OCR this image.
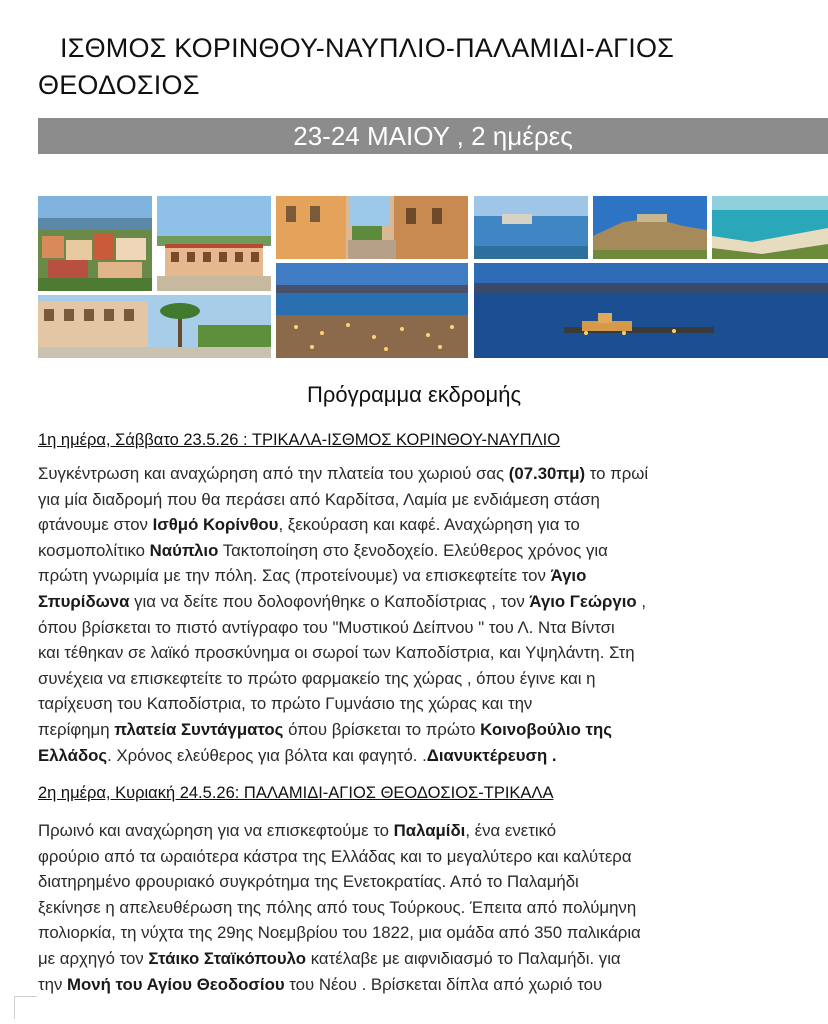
ΙΣΘΜΟΣ ΚΟΡΙΝΘΟΥ-ΝΑΥΠΛΙΟ-ΠΑΛΑΜΙΔΙ-ΑΓΙΟΣ
ΘΕΟΔΟΣΙΟΣ
23-24 ΜΑΙΟΥ , 2 ημέρες
Πρόγραμμα εκδρομής
1η ημέρα, Σάββατο 23.5.26 : ΤΡΙΚΑΛΑ-ΙΣΘΜΟΣ ΚΟΡΙΝΘΟΥ-ΝΑΥΠΛΙΟ
Συγκέντρωση και αναχώρηση από την πλατεία του χωριού σας (07.30πμ) το πρωί
για μία διαδρομή που θα περάσει από Καρδίτσα, Λαμία με ενδιάμεση στάση
φτάνουμε στον Ισθμό Κορίνθου, ξεκούραση και καφέ. Αναχώρηση για το
κοσμοπολίτικο Ναύπλιο Τακτοποίηση στο ξενοδοχείο. Ελεύθερος χρόνος για
πρώτη γνωριμία με την πόλη. Σας (προτείνουμε) να επισκεφτείτε τον Άγιο
Σπυρίδωνα για να δείτε που δολοφονήθηκε ο Καποδίστριας , τον Άγιο Γεώργιο ,
όπου βρίσκεται το πιστό αντίγραφο του "Μυστικού Δείπνου " του Λ. Ντα Βίντσι
και τέθηκαν σε λαϊκό προσκύνημα οι σωροί των Καποδίστρια, και Υψηλάντη. Στη
συνέχεια να επισκεφτείτε το πρώτο φαρμακείο της χώρας , όπου έγινε και η
ταρίχευση του Καποδίστρια, το πρώτο Γυμνάσιο της χώρας και την
περίφημη πλατεία Συντάγματος όπου βρίσκεται το πρώτο Κοινοβούλιο της
Ελλάδος. Χρόνος ελεύθερος για βόλτα και φαγητό. .Διανυκτέρευση .
2η ημέρα, Κυριακή 24.5.26: ΠΑΛΑΜΙΔΙ-ΑΓΙΟΣ ΘΕΟΔΟΣΙΟΣ-ΤΡΙΚΑΛΑ
Πρωινό και αναχώρηση για να επισκεφτούμε το Παλαμίδι, ένα ενετικό
φρούριο από τα ωραιότερα κάστρα της Ελλάδας και το μεγαλύτερο και καλύτερα
διατηρημένο φρουριακό συγκρότημα της Ενετοκρατίας. Από το Παλαμήδι
ξεκίνησε η απελευθέρωση της πόλης από τους Τούρκους. Έπειτα από πολύμηνη
πολιορκία, τη νύχτα της 29ης Νοεμβρίου του 1822, μια ομάδα από 350 παλικάρια
με αρχηγό τον Στάικο Σταϊκόπουλο κατέλαβε με αιφνιδιασμό το Παλαμήδι. για
την Μονή του Αγίου Θεοδοσίου του Νέου . Βρίσκεται δίπλα από χωριό του
